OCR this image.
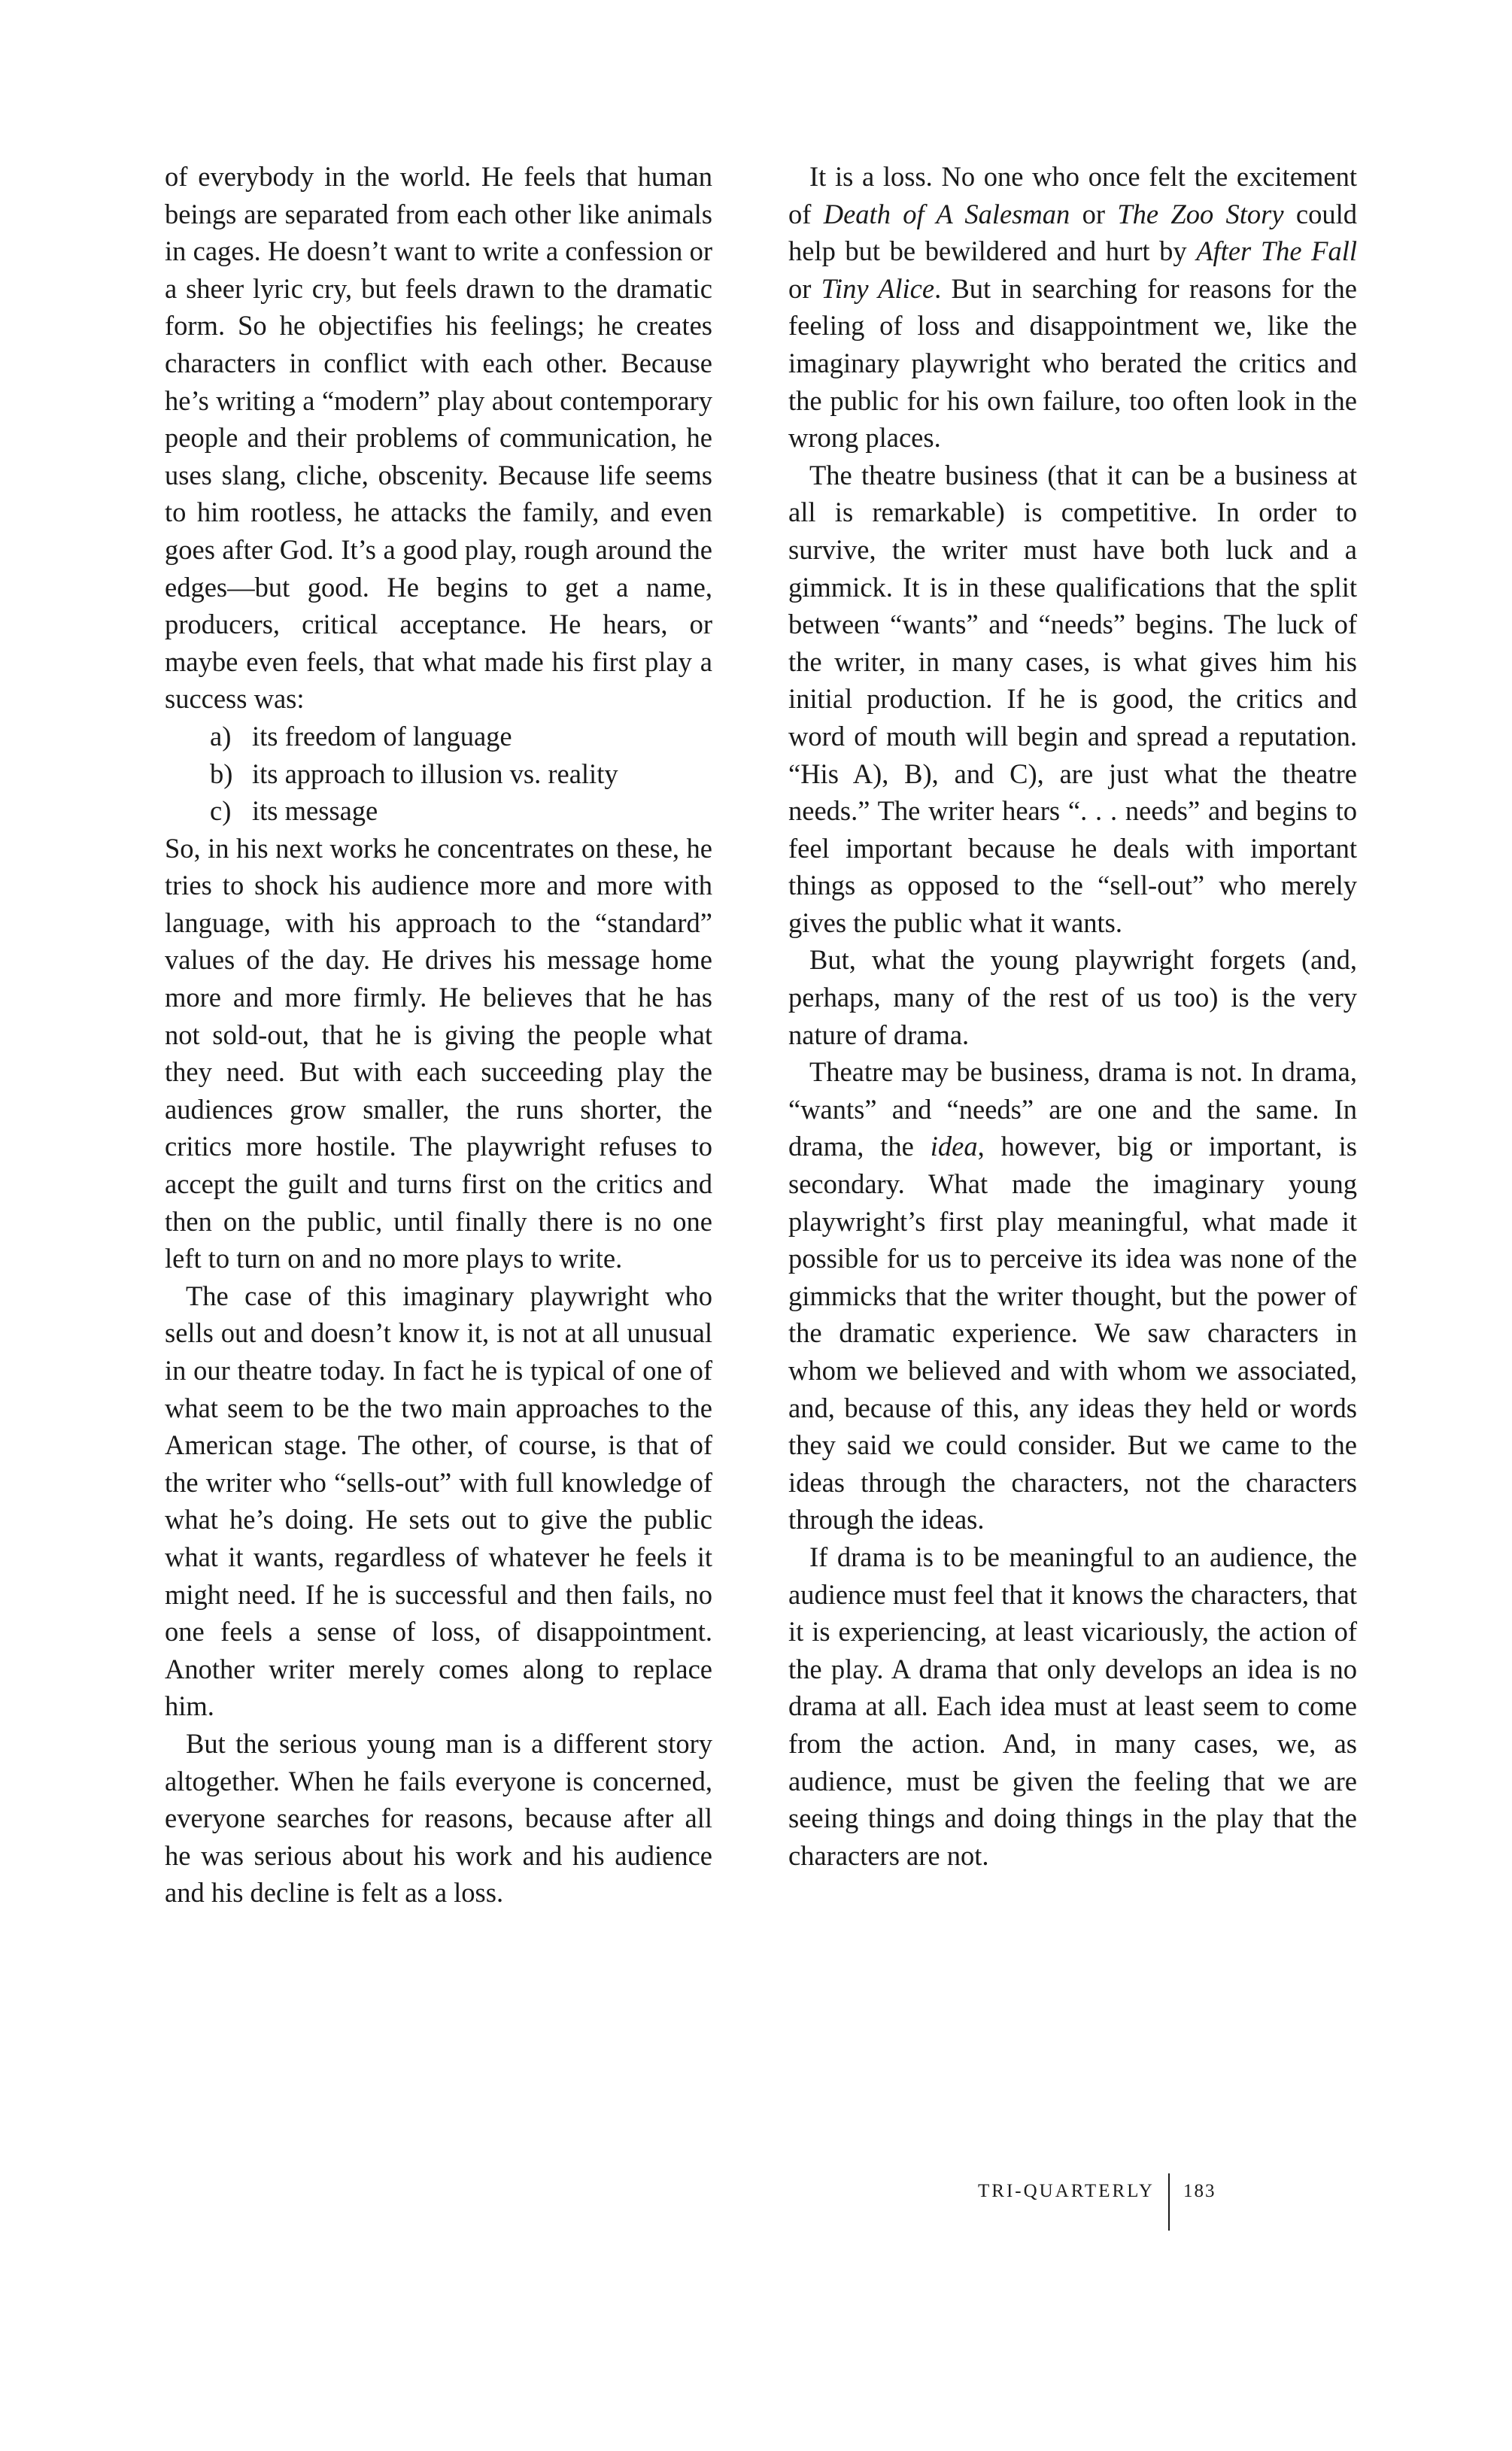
of everybody in the world. He feels that human beings are separated from each other like animals in cages. He doesn’t want to write a confession or a sheer lyric cry, but feels drawn to the dramatic form. So he objectifies his feelings; he creates characters in conflict with each other. Because he’s writing a “modern” play about contemporary people and their problems of communication, he uses slang, cliche, obscenity. Because life seems to him rootless, he attacks the family, and even goes after God. It’s a good play, rough around the edges—but good. He begins to get a name, producers, critical acceptance. He hears, or maybe even feels, that what made his first play a success was:

a) its freedom of language
b) its approach to illusion vs. reality
c) its message

So, in his next works he concentrates on these, he tries to shock his audience more and more with language, with his approach to the “standard” values of the day. He drives his message home more and more firmly. He believes that he has not sold-out, that he is giving the people what they need. But with each succeeding play the audiences grow smaller, the runs shorter, the critics more hostile. The playwright refuses to accept the guilt and turns first on the critics and then on the public, until finally there is no one left to turn on and no more plays to write.

The case of this imaginary playwright who sells out and doesn’t know it, is not at all unusual in our theatre today. In fact he is typical of one of what seem to be the two main approaches to the American stage. The other, of course, is that of the writer who “sells-out” with full knowledge of what he’s doing. He sets out to give the public what it wants, regardless of whatever he feels it might need. If he is successful and then fails, no one feels a sense of loss, of disappointment. Another writer merely comes along to replace him.

But the serious young man is a different story altogether. When he fails everyone is concerned, everyone searches for reasons, because after all he was serious about his work and his audience and his decline is felt as a loss.

It is a loss. No one who once felt the excitement of Death of A Salesman or The Zoo Story could help but be bewildered and hurt by After The Fall or Tiny Alice. But in searching for reasons for the feeling of loss and disappointment we, like the imaginary playwright who berated the critics and the public for his own failure, too often look in the wrong places.

The theatre business (that it can be a business at all is remarkable) is competitive. In order to survive, the writer must have both luck and a gimmick. It is in these qualifications that the split between “wants” and “needs” begins. The luck of the writer, in many cases, is what gives him his initial production. If he is good, the critics and word of mouth will begin and spread a reputation. “His A), B), and C), are just what the theatre needs.” The writer hears “. . . needs” and begins to feel important because he deals with important things as opposed to the “sell-out” who merely gives the public what it wants.

But, what the young playwright forgets (and, perhaps, many of the rest of us too) is the very nature of drama.

Theatre may be business, drama is not. In drama, “wants” and “needs” are one and the same. In drama, the idea, however, big or important, is secondary. What made the imaginary young playwright’s first play meaningful, what made it possible for us to perceive its idea was none of the gimmicks that the writer thought, but the power of the dramatic experience. We saw characters in whom we believed and with whom we associated, and, because of this, any ideas they held or words they said we could consider. But we came to the ideas through the characters, not the characters through the ideas.

If drama is to be meaningful to an audience, the audience must feel that it knows the characters, that it is experiencing, at least vicariously, the action of the play. A drama that only develops an idea is no drama at all. Each idea must at least seem to come from the action. And, in many cases, we, as audience, must be given the feeling that we are seeing things and doing things in the play that the characters are not.

TRI-QUARTERLY 183
